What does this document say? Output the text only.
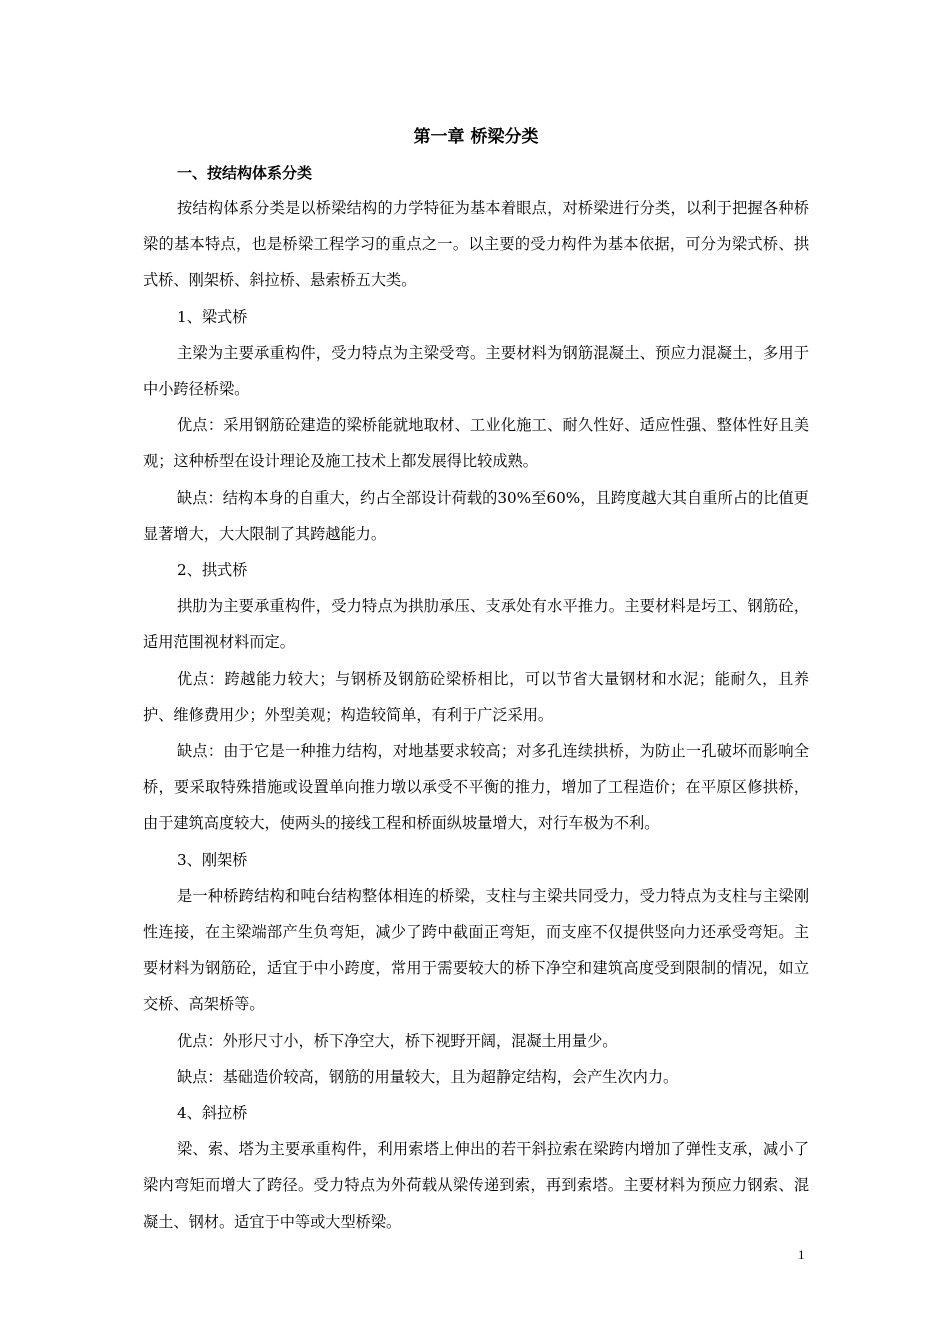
第一章 桥梁分类

一、按结构体系分类

按结构体系分类是以桥梁结构的力学特征为基本着眼点，对桥梁进行分类，以利于把握各种桥梁的基本特点，也是桥梁工程学习的重点之一。以主要的受力构件为基本依据，可分为梁式桥、拱式桥、刚架桥、斜拉桥、悬索桥五大类。

1、梁式桥

主梁为主要承重构件，受力特点为主梁受弯。主要材料为钢筋混凝土、预应力混凝土，多用于中小跨径桥梁。

优点：采用钢筋砼建造的梁桥能就地取材、工业化施工、耐久性好、适应性强、整体性好且美观；这种桥型在设计理论及施工技术上都发展得比较成熟。

缺点：结构本身的自重大，约占全部设计荷载的30%至60%，且跨度越大其自重所占的比值更显著增大，大大限制了其跨越能力。

2、拱式桥

拱肋为主要承重构件，受力特点为拱肋承压、支承处有水平推力。主要材料是圬工、钢筋砼，适用范围视材料而定。

优点：跨越能力较大；与钢桥及钢筋砼梁桥相比，可以节省大量钢材和水泥；能耐久，且养护、维修费用少；外型美观；构造较简单，有利于广泛采用。

缺点：由于它是一种推力结构，对地基要求较高；对多孔连续拱桥，为防止一孔破坏而影响全桥，要采取特殊措施或设置单向推力墩以承受不平衡的推力，增加了工程造价；在平原区修拱桥，由于建筑高度较大，使两头的接线工程和桥面纵坡量增大，对行车极为不利。

3、刚架桥

是一种桥跨结构和吨台结构整体相连的桥梁，支柱与主梁共同受力，受力特点为支柱与主梁刚性连接，在主梁端部产生负弯矩，减少了跨中截面正弯矩，而支座不仅提供竖向力还承受弯矩。主要材料为钢筋砼，适宜于中小跨度，常用于需要较大的桥下净空和建筑高度受到限制的情况，如立交桥、高架桥等。

优点：外形尺寸小，桥下净空大，桥下视野开阔，混凝土用量少。

缺点：基础造价较高，钢筋的用量较大，且为超静定结构，会产生次内力。

4、斜拉桥

梁、索、塔为主要承重构件，利用索塔上伸出的若干斜拉索在梁跨内增加了弹性支承，减小了梁内弯矩而增大了跨径。受力特点为外荷载从梁传递到索，再到索塔。主要材料为预应力钢索、混凝土、钢材。适宜于中等或大型桥梁。

1
